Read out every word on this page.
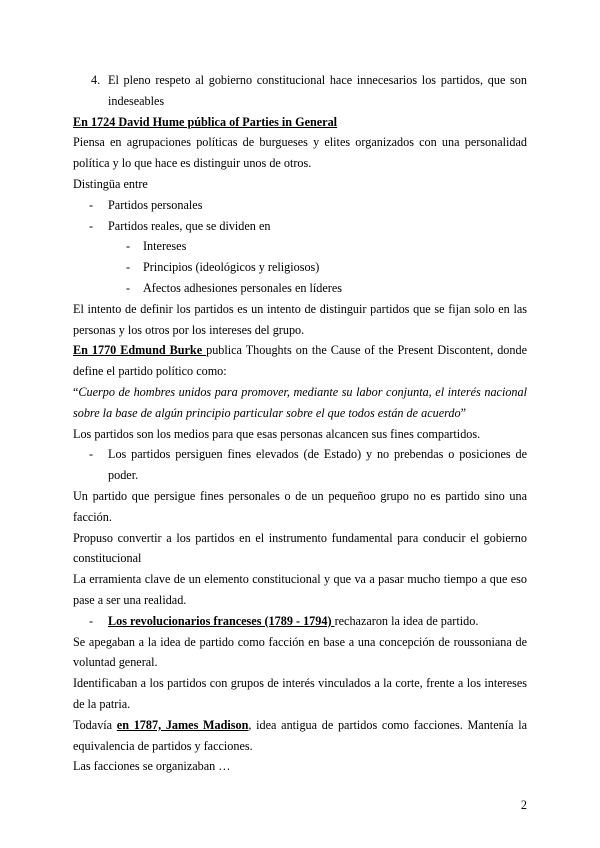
4. El pleno respeto al gobierno constitucional hace innecesarios los partidos, que son indeseables

En 1724 David Hume pública of Parties in General

Piensa en agrupaciones políticas de burgueses y elites organizados con una personalidad política y lo que hace es distinguir unos de otros.

Distingüa entre

-	Partidos personales
-	Partidos reales, que se dividen en
-	Intereses
-	Principios (ideológicos y religiosos)
-	Afectos adhesiones personales en líderes

El intento de definir los partidos es un intento de distinguir partidos que se fijan solo en las personas y los otros por los intereses del grupo.

En 1770 Edmund Burke publica Thoughts on the Cause of the Present Discontent, donde define el partido político como:

“Cuerpo de hombres unidos para promover, mediante su labor conjunta, el interés nacional sobre la base de algún principio particular sobre el que todos están de acuerdo”

Los partidos son los medios para que esas personas alcancen sus fines compartidos.

-	Los partidos persiguen fines elevados (de Estado) y no prebendas o posiciones de poder.

Un partido que persigue fines personales o de un pequeñoo grupo no es partido sino una facción.

Propuso convertir a los partidos en el instrumento fundamental para conducir el gobierno constitucional

La erramienta clave de un elemento constitucional y que va a pasar mucho tiempo a que eso pase a ser una realidad.

-	Los revolucionarios franceses (1789 - 1794) rechazaron la idea de partido.

Se apegaban a la idea de partido como facción en base a una concepción de roussoniana de voluntad general.

Identificaban a los partidos con grupos de interés vinculados a la corte, frente a los intereses de la patria.

Todavía en 1787, James Madison, idea antigua de partidos como facciones. Mantenía la equivalencia de partidos y facciones.

Las facciones se organizaban …

2
